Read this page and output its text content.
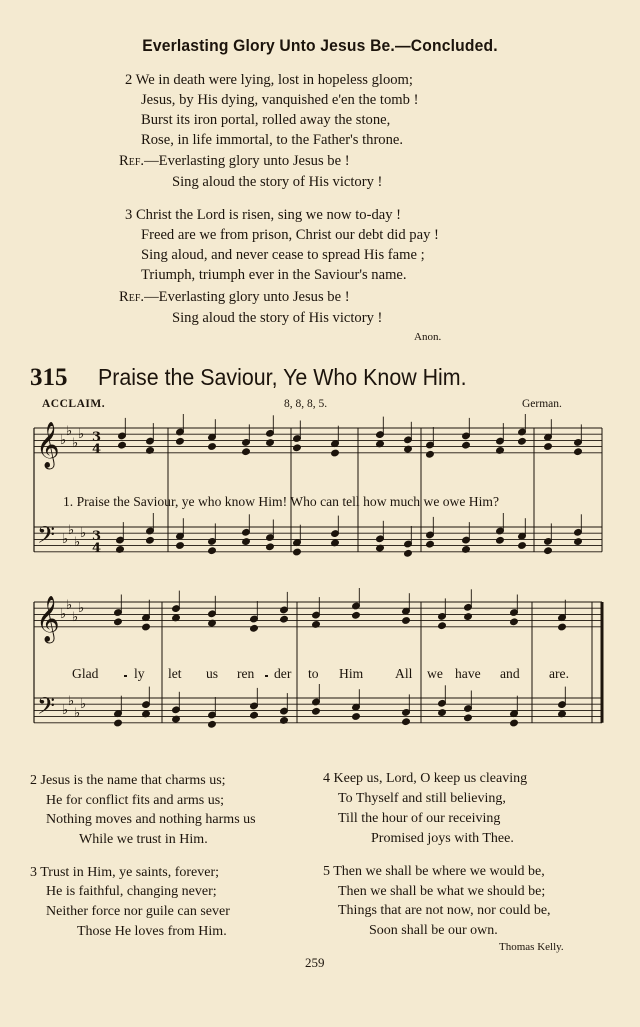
Everlasting Glory Unto Jesus Be.—Concluded.
2 We in death were lying, lost in hopeless gloom;
Jesus, by His dying, vanquished e'en the tomb !
Burst its iron portal, rolled away the stone,
Rose, in life immortal, to the Father's throne.
Ref.—Everlasting glory unto Jesus be !
Sing aloud the story of His victory !
3 Christ the Lord is risen, sing we now to-day !
Freed are we from prison, Christ our debt did pay !
Sing aloud, and never cease to spread His fame ;
Triumph, triumph ever in the Saviour's name.
Ref.—Everlasting glory unto Jesus be !
Sing aloud the story of His victory !
Anon.
315 Praise the Saviour, Ye Who Know Him.
ACCLAIM.	8, 8, 8, 5.	German.
𝄞
𝄞
𝄢
𝄢
3
4
3
4
♭
♭
♭
♭
♭
♭
♭
♭
♭
♭
♭
♭
♭
♭
♭
♭
1. Praise the Saviour, ye who know Him! Who can tell how much we owe Him?
Glad	ly let us ren der to Him All we have and are.
2 Jesus is the name that charms us;
He for conflict fits and arms us;
Nothing moves and nothing harms us
While we trust in Him.
3 Trust in Him, ye saints, forever;
He is faithful, changing never;
Neither force nor guile can sever
Those He loves from Him.
4 Keep us, Lord, O keep us cleaving
To Thyself and still believing,
Till the hour of our receiving
Promised joys with Thee.
5 Then we shall be where we would be,
Then we shall be what we should be;
Things that are not now, nor could be,
Soon shall be our own.
Thomas Kelly.
259
